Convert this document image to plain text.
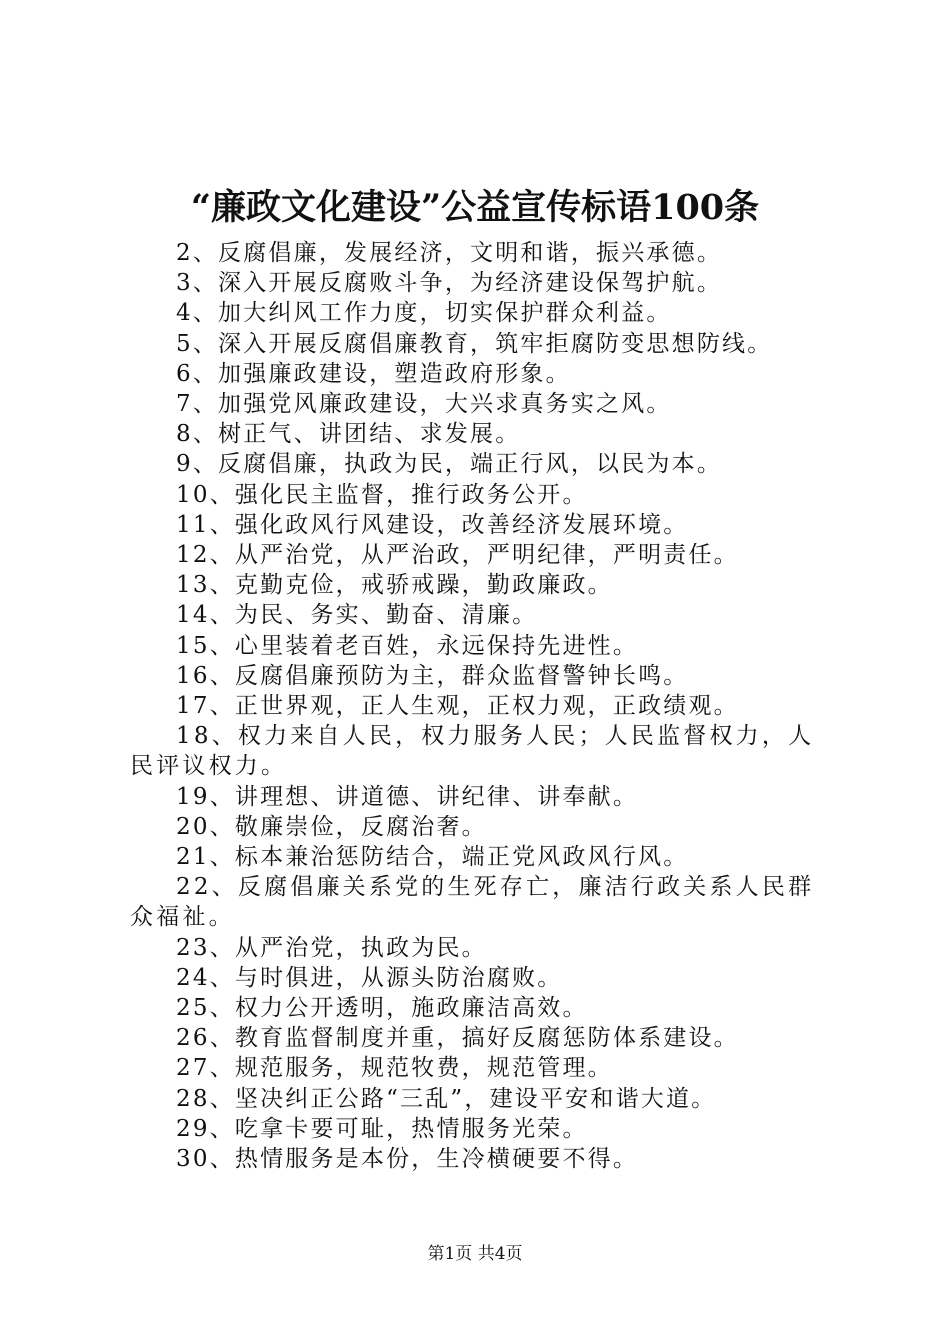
“廉政文化建设”公益宣传标语100条

2、反腐倡廉，发展经济，文明和谐，振兴承德。

3、深入开展反腐败斗争，为经济建设保驾护航。

4、加大纠风工作力度，切实保护群众利益。

5、深入开展反腐倡廉教育，筑牢拒腐防变思想防线。

6、加强廉政建设，塑造政府形象。

7、加强党风廉政建设，大兴求真务实之风。

8、树正气、讲团结、求发展。

9、反腐倡廉，执政为民，端正行风，以民为本。

10、强化民主监督，推行政务公开。

11、强化政风行风建设，改善经济发展环境。

12、从严治党，从严治政，严明纪律，严明责任。

13、克勤克俭，戒骄戒躁，勤政廉政。

14、为民、务实、勤奋、清廉。

15、心里装着老百姓，永远保持先进性。

16、反腐倡廉预防为主，群众监督警钟长鸣。

17、正世界观，正人生观，正权力观，正政绩观。

18、权力来自人民，权力服务人民；人民监督权力，人民评议权力。

19、讲理想、讲道德、讲纪律、讲奉献。

20、敬廉崇俭，反腐治奢。

21、标本兼治惩防结合，端正党风政风行风。

22、反腐倡廉关系党的生死存亡，廉洁行政关系人民群众福祉。

23、从严治党，执政为民。

24、与时俱进，从源头防治腐败。

25、权力公开透明，施政廉洁高效。

26、教育监督制度并重，搞好反腐惩防体系建设。

27、规范服务，规范牧费，规范管理。

28、坚决纠正公路“三乱”，建设平安和谐大道。

29、吃拿卡要可耻，热情服务光荣。

30、热情服务是本份，生冷横硬要不得。

第1页 共4页
